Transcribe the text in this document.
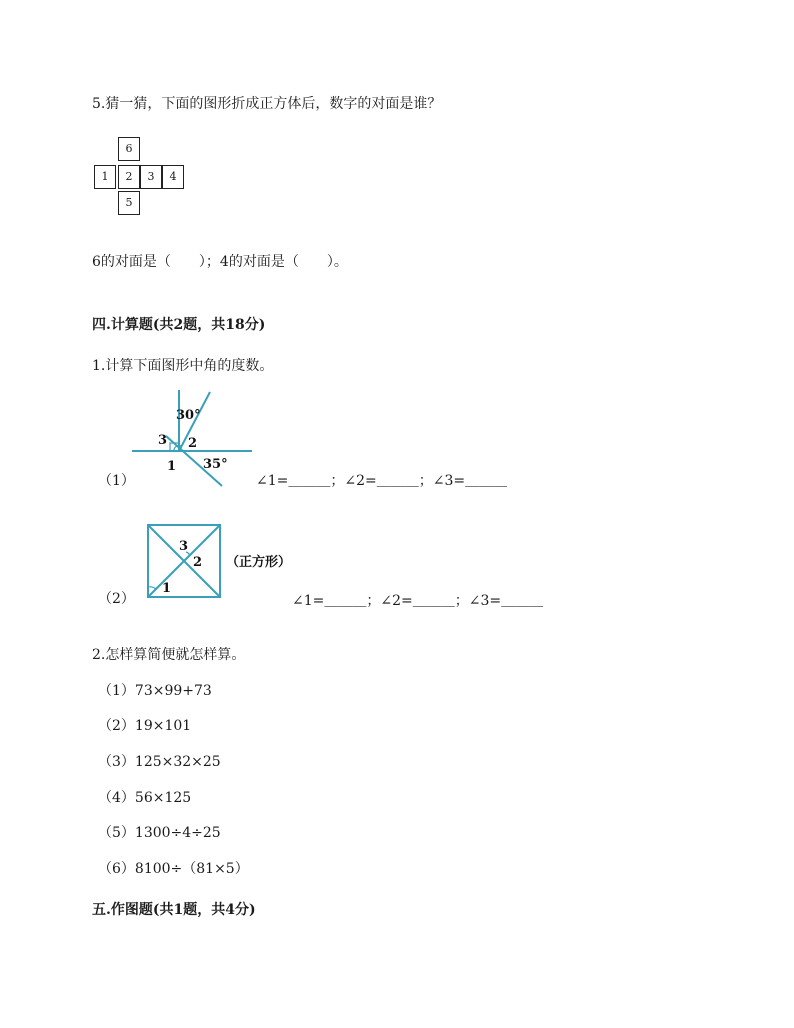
5.猜一猜，下面的图形折成正方体后，数字的对面是谁？
6
1	2	3	4
5
6的对面是（　　）；4的对面是（　　）。
四.计算题(共2题，共18分)
1.计算下面图形中角的度数。
（1）
30°
3 2
1 35°
∠1=＿＿＿；∠2=＿＿＿；∠3=＿＿＿
（2）
3
2
1
（正方形）
∠1=＿＿＿；∠2=＿＿＿；∠3=＿＿＿
2.怎样算简便就怎样算。
（1）73×99+73
（2）19×101
（3）125×32×25
（4）56×125
（5）1300÷4÷25
（6）8100÷（81×5）
五.作图题(共1题，共4分)
